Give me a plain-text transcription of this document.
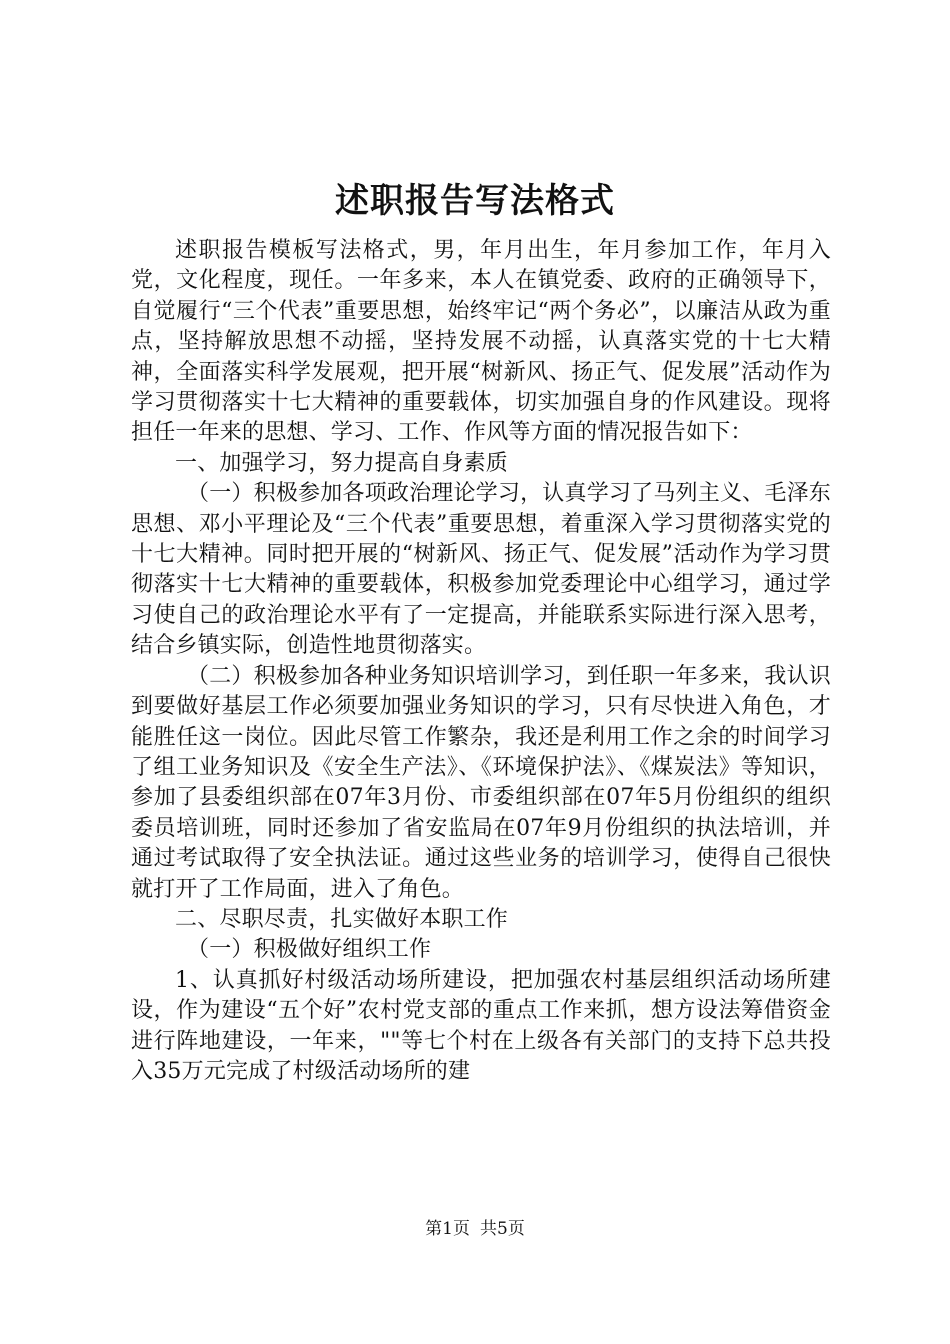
述职报告写法格式

述职报告模板写法格式，男，年月出生，年月参加工作，年月入党，文化程度，现任。一年多来，本人在镇党委、政府的正确领导下，自觉履行“三个代表”重要思想，始终牢记“两个务必”，以廉洁从政为重点，坚持解放思想不动摇，坚持发展不动摇，认真落实党的十七大精神，全面落实科学发展观，把开展“树新风、扬正气、促发展”活动作为学习贯彻落实十七大精神的重要载体，切实加强自身的作风建设。现将担任一年来的思想、学习、工作、作风等方面的情况报告如下：

一、加强学习，努力提高自身素质

（一）积极参加各项政治理论学习，认真学习了马列主义、毛泽东思想、邓小平理论及“三个代表”重要思想，着重深入学习贯彻落实党的十七大精神。同时把开展的“树新风、扬正气、促发展”活动作为学习贯彻落实十七大精神的重要载体，积极参加党委理论中心组学习，通过学习使自己的政治理论水平有了一定提高，并能联系实际进行深入思考，结合乡镇实际，创造性地贯彻落实。

（二）积极参加各种业务知识培训学习，到任职一年多来，我认识到要做好基层工作必须要加强业务知识的学习，只有尽快进入角色，才能胜任这一岗位。因此尽管工作繁杂，我还是利用工作之余的时间学习了组工业务知识及《安全生产法》、《环境保护法》、《煤炭法》等知识，参加了县委组织部在07年3月份、市委组织部在07年5月份组织的组织委员培训班，同时还参加了省安监局在07年9月份组织的执法培训，并通过考试取得了安全执法证。通过这些业务的培训学习，使得自己很快就打开了工作局面，进入了角色。

二、尽职尽责，扎实做好本职工作

（一）积极做好组织工作

1、认真抓好村级活动场所建设，把加强农村基层组织活动场所建设，作为建设“五个好”农村党支部的重点工作来抓，想方设法筹借资金进行阵地建设，一年来，""等七个村在上级各有关部门的支持下总共投入35万元完成了村级活动场所的建

第1页 共5页
